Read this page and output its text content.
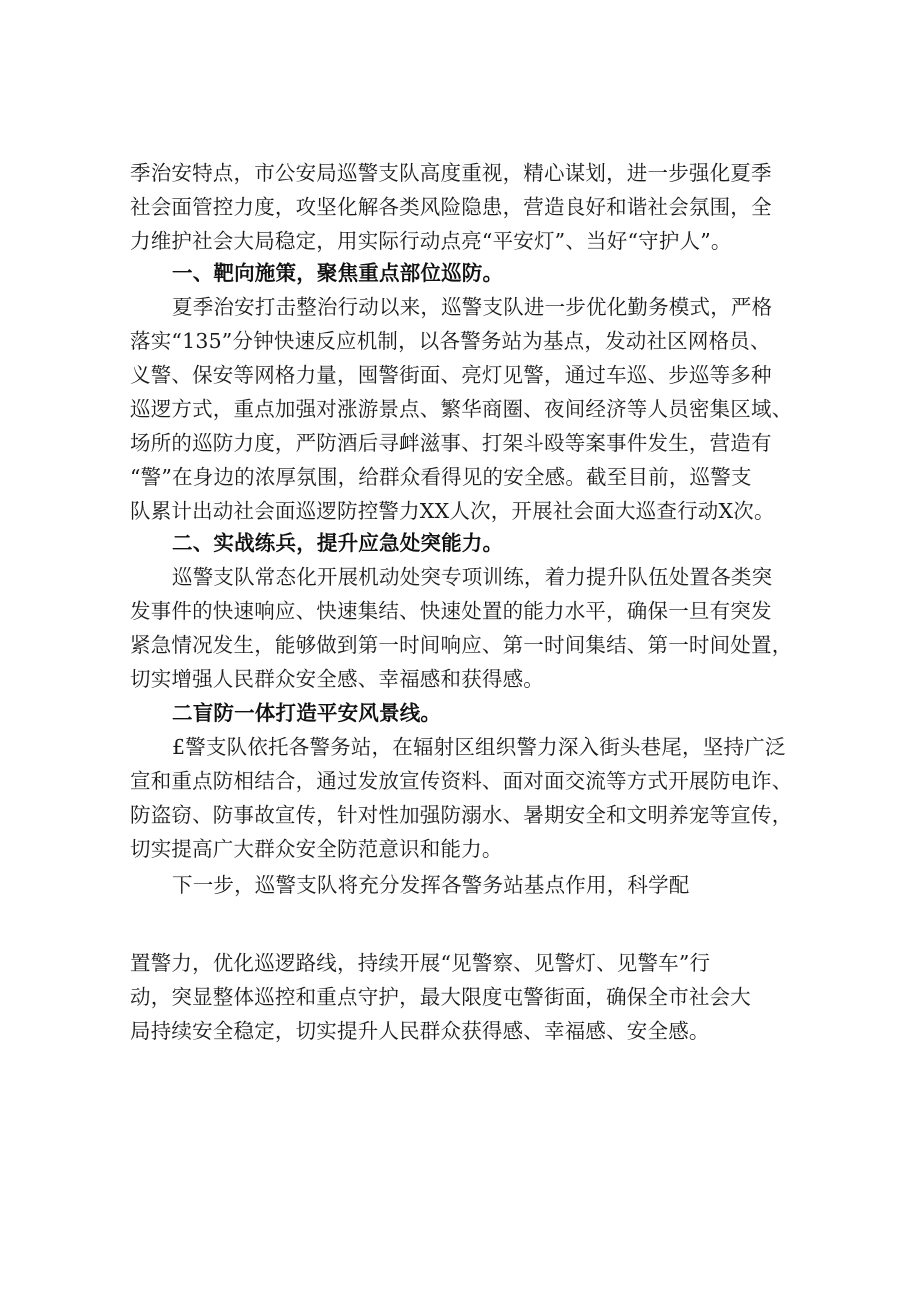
季治安特点，市公安局巡警支队高度重视，精心谋划，进一步强化夏季
社会面管控力度，攻坚化解各类风险隐患，营造良好和谐社会氛围，全
力维护社会大局稳定，用实际行动点亮“平安灯”、当好“守护人”。
一、靶向施策，聚焦重点部位巡防。
夏季治安打击整治行动以来，巡警支队进一步优化勤务模式，严格
落实“135”分钟快速反应机制，以各警务站为基点，发动社区网格员、
义警、保安等网格力量，囤警街面、亮灯见警，通过车巡、步巡等多种
巡逻方式，重点加强对涨游景点、繁华商圈、夜间经济等人员密集区域、
场所的巡防力度，严防酒后寻衅滋事、打架斗殴等案事件发生，营造有
“警”在身边的浓厚氛围，给群众看得见的安全感。截至目前，巡警支
队累计出动社会面巡逻防控警力XX人次，开展社会面大巡查行动X次。
二、实战练兵，提升应急处突能力。
巡警支队常态化开展机动处突专项训练，着力提升队伍处置各类突
发事件的快速响应、快速集结、快速处置的能力水平，确保一旦有突发
紧急情况发生，能够做到第一时间响应、第一时间集结、第一时间处置，
切实增强人民群众安全感、幸福感和获得感。
二盲防一体打造平安风景线。
£警支队依托各警务站，在辐射区组织警力深入街头巷尾，坚持广泛
宣和重点防相结合，通过发放宣传资料、面对面交流等方式开展防电诈、
防盗窃、防事故宣传，针对性加强防溺水、暑期安全和文明养宠等宣传，
切实提高广大群众安全防范意识和能力。
下一步，巡警支队将充分发挥各警务站基点作用，科学配
置警力，优化巡逻路线，持续开展“见警察、见警灯、见警车”行
动，突显整体巡控和重点守护，最大限度屯警街面，确保全市社会大
局持续安全稳定，切实提升人民群众获得感、幸福感、安全感。
